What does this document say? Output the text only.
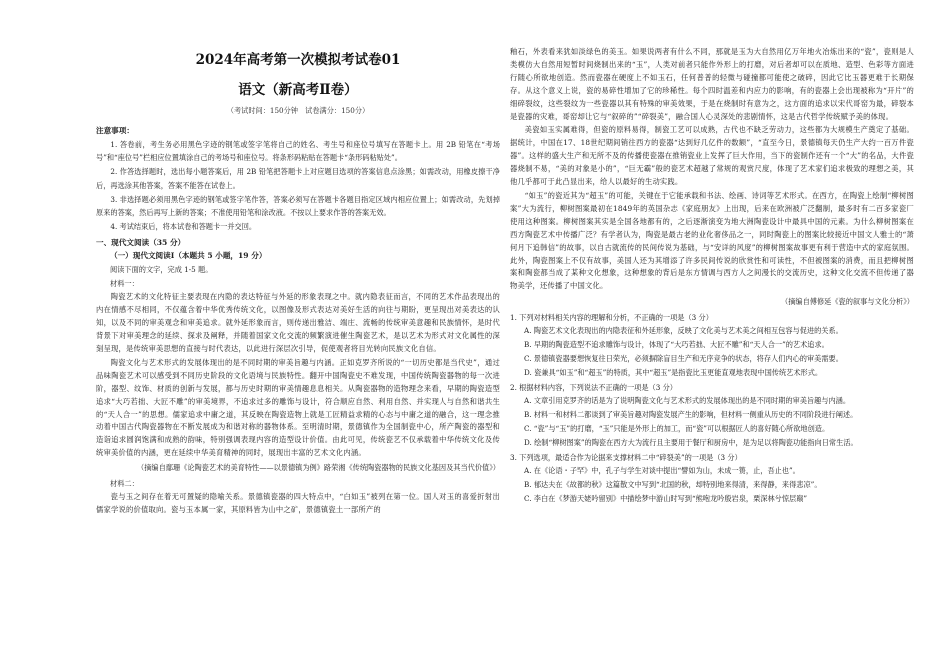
2024年高考第一次模拟考试卷01
语文（新高考Ⅱ卷）
（考试时间：150分钟　试卷满分：150分）
注意事项：

1. 答卷前，考生务必用黑色字迹的钢笔或签字笔将自己的姓名、考生号和座位号填写在答题卡上。用 2B 铅笔在“考场号”和“座位号”栏相应位置填涂自己的考场号和座位号。将条形码粘贴在答题卡“条形码粘贴处”。

2. 作答选择题时，选出每小题答案后，用 2B 铅笔把答题卡上对应题目选项的答案信息点涂黑；如需改动，用橡皮擦干净后，再选涂其他答案，答案不能答在试卷上。

3. 非选择题必须用黑色字迹的钢笔或签字笔作答，答案必须写在答题卡各题目指定区域内相应位置上；如需改动，先划掉原来的答案，然后再写上新的答案；不准使用铅笔和涂改液。不按以上要求作答的答案无效。

4. 考试结束后，将本试卷和答题卡一并交回。

一、现代文阅读（35 分）
（一）现代文阅读Ⅰ（本题共 5 小题，19 分）
阅读下面的文字，完成 1-5 题。
材料一：

陶瓷艺术的文化特征主要表现在内隐的表达特征与外延的形象表现之中。就内隐表征而言，不同的艺术作品表现出的内在情感不尽相同，不仅蕴含着中华优秀传统文化，以图像及形式表达对美好生活的向往与期盼，更呈现出对美表达的认知，以及不同的审美观念和审美追求。就外延形象而言，则传递出雅洁、端庄、流畅的传统审美意趣和民族情怀，是时代背景下对审美理念的延续、探求及阐释，并随着国家文化交流的频繁演进催生陶瓷艺术，是以艺术为形式对文化属性的深刻呈现，是传统审美思想的直接与时代表达，以此进行深层次引导，促使观者将目光转向民族文化自信。

陶瓷文化与艺术形式的发展体现出的是不同时期的审美旨趣与内涵。正如克罗齐所说的“一切历史都是当代史”，通过品味陶瓷艺术可以感受到不同历史阶段的文化语境与民族特性。翻开中国陶瓷史不难发现，中国传统陶瓷器物的每一次进阶，器型、纹饰、材质的创新与发展，都与历史时期的审美情趣息息相关。从陶瓷器物的造物理念来看，早期的陶瓷造型追求“大巧若拙、大匠不雕”的审美境界，不追求过多的雕饰与设计，符合顺应自然、利用自然、并实现人与自然和谐共生的“天人合一”的思想。儒家追求中庸之道，其反映在陶瓷造物上就是工匠精益求精的心态与中庸之道的融合，这一理念推动着中国古代陶瓷器物在不断发展成为和谐对称的器物体系。至明清时期，景德镇作为全国制瓷中心，所产陶瓷的器型和造诣追求圆润饱满和成熟的韵味，特别强调表现内容的造型设计价值。由此可见，传统瓷艺不仅承载着中华传统文化及传统审美价值的内涵，更在延续中华美育精神的同时，展现出丰富的艺术文化内涵。

（摘编自鄢珊《论陶瓷艺术的美育特性——以景德镇为例》路荣湘《传统陶瓷器物的民族文化基因及其当代价值》）
材料二：

瓷与玉之间存在着无可置疑的隐喻关系。景德镇瓷器的四大特点中，“白如玉”被列在第一位。国人对玉的喜爱折射出儒家学说的价值取向。瓷与玉本属一家，其原料皆为山中之矿，景德镇瓷土一部所产的

釉石，外表看来犹如淡绿色的美玉。如果说两者有什么不同，那就是玉为大自然用亿万年地火冶炼出来的“瓷”，瓷则是人类模仿大自然用短暂时间烧制出来的“玉”，人类对前者只能作外形上的打磨，对后者却可以在质地、造型、色彩等方面进行随心所欲地创造。然而瓷器在硬度上不如玉石，任何普普的轻微与碰撞都可能使之破碎，因此它比玉器更难于长期保存。从这个意义上说，瓷的易碎性增加了它的珍稀性。每个四时温差和内应力的影响，有的瓷器上会出现被称为“开片”的细碎裂纹，这些裂纹为一些瓷器以其有特殊的审美效果，于是在烧制时有意为之，这方面的追求以宋代哥窑为最，碎裂本是瓷器的灾难，哥窑却让它与“叙碎的”“碎裂美”，融合国人心灵深处的悲剧情怀，这是古代哲学传统赋予美的体现。

美瓷如玉实属难得，但瓷的原料易得，制瓷工艺可以成熟，古代也不缺乏劳动力，这些都为大规模生产奠定了基础。据统计，中国在17、18世纪期间销往西方的瓷器“达到好几亿件的数额”，“直至今日，景德镇每天仍生产大约一百万件瓷器”。这样的盛大生产和无所不及的传播使瓷器在推销瓷业上发挥了巨大作用，当下的瓷制作还有一个“大”的名品，大件瓷器烧制不易，“美的对象是小的”，“巨无霸”般的瓷艺术超越了常规的观赏尺度，体现了艺术家们追求极致的理想之美，其他几乎都可于此凸显出来，给人以最好的生动实践。

“如玉”的瓷近其为“超玉”的可能，关键在于它能承载和书法、绘画、诗词等艺术形式。在西方，在陶瓷上绘制“柳树图案”大为流行，柳树图案最初在1849年的英国杂志《家庭朋友》上出现，后来在欧洲被广泛翻制，最多时有二百多家瓷厂使用这种图案。柳树图案其实是全国各地都有的，之后逐渐演变为地大洲陶瓷设计中最具中国的元素。为什么柳树图案在西方陶瓷艺术中传播广泛？有学者认为，陶瓷是最古老的业化奢侈品之一，同时陶瓷上的图案比较接近中国文人雅士的“萧何月下追韩信”的故事，以自古就流传的民间传说为基础，与“安详的风度”的柳树图案故事更有利于营造中式的家庭氛围。此外，陶瓷图案上不仅有故事，美国人还为其增添了许多民间传说的欣赏性和可读性，不但被图案的消费，而且把柳树图案和陶瓷都当成了某种文化想象，这种想象的背后是东方情调与西方人之间漫长的交流历史，这种文化交流不但传递了器物美学，还传播了中国文化。

（摘编自傅修延《瓷的叙事与文化分析》）
1. 下列对材料相关内容的理解和分析，不正确的一项是（3 分）
A. 陶瓷艺术文化表现出的内隐表征和外延形象，反映了文化美与艺术美之间相互包容与促进的关系。
B. 早期的陶瓷造型不追求雕饰与设计，体现了“大巧若拙、大匠不雕”和“天人合一”的艺术追求。
C. 景德镇瓷器要想恢复往日荣光，必须摒除盲目生产和无序竞争的状态，将存人们内心的审美需要。
D. 瓷兼具“如玉”和“超玉”的特质，其中“超玉”是指瓷比玉更能直观地表现中国传统艺术形式。
2. 根据材料内容，下列说法不正确的一项是（3 分）
A. 文章引用克罗齐的话是为了说明陶瓷文化与艺术形式的发展体现出的是不同时期的审美旨趣与内涵。
B. 材料一和材料二都谈到了审美旨趣对陶瓷发展产生的影响，但材料一侧重从历史的不同阶段进行阐述。
C. “瓷”与“玉”的打磨，“玉”只能是外形上的加工，而“瓷”可以根据匠人的喜好随心所欲地创造。
D. 绘制“柳树图案”的陶瓷在西方大为流行且主要用于餐厅和厨房中，是为足以将陶瓷功能指向日常生活。
3. 下列选项，最适合作为论据来支撑材料二中“碎裂美”的一项是（3 分）
A. 在《论语・子罕》中，孔子与学生对谈中提出“譬如为山，未成一篑，止，吾止也”。
B. 郁达夫在《故都的秋》这篇散文中写到“北国的秋，却特别地来得清，来得静，来得悲凉”。
C. 李白在《梦游天姥吟留别》中描绘梦中游山时写到“熊咆龙吟殷岩泉，栗深林兮惊层巅”
